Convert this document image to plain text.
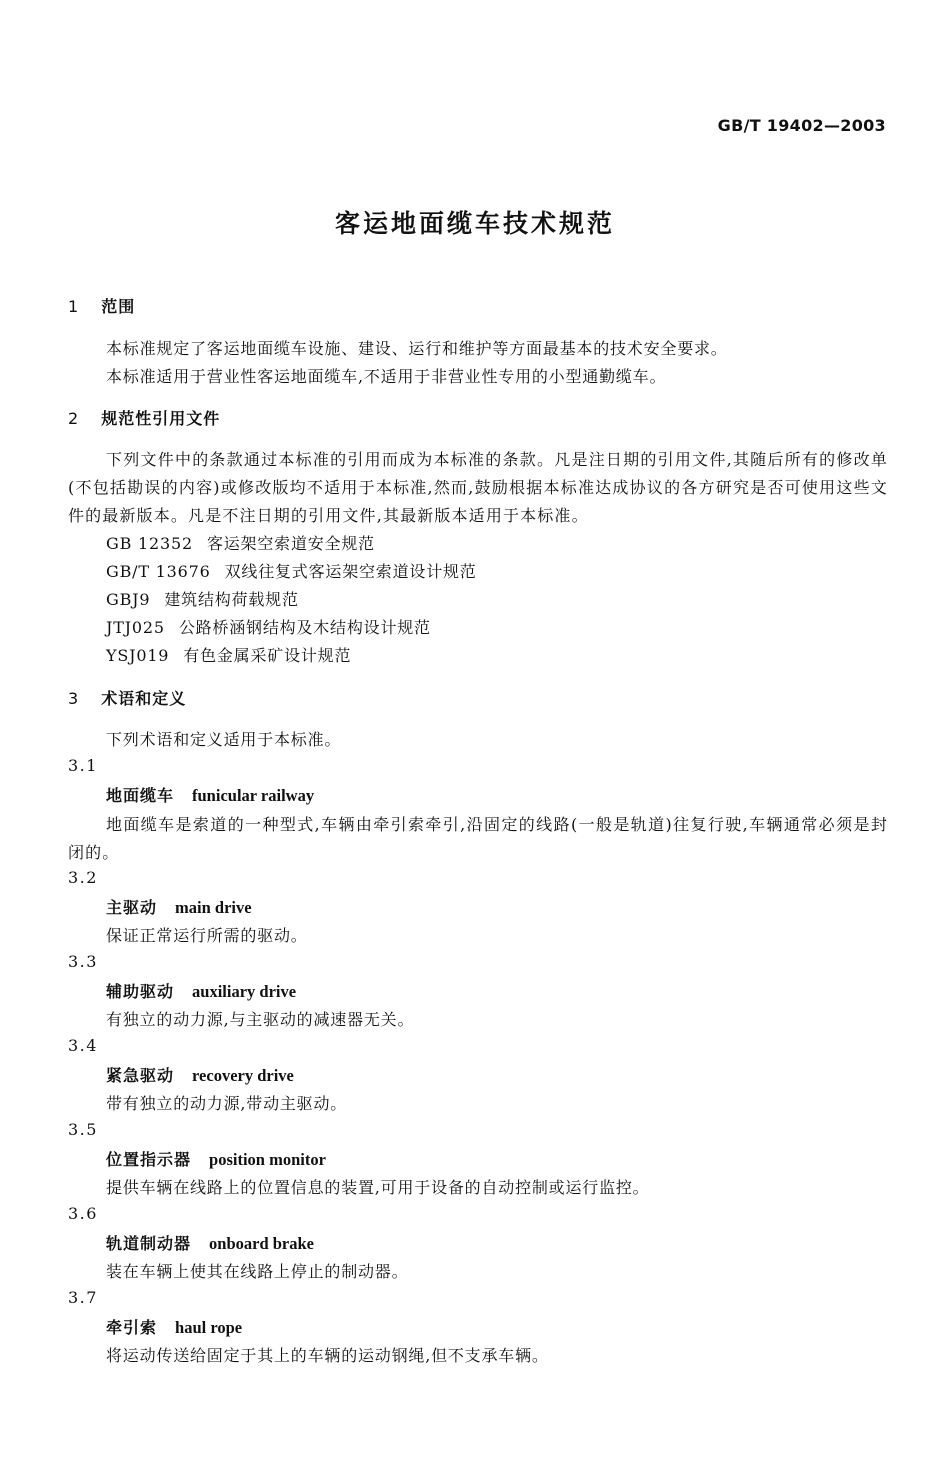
GB/T 19402—2003
客运地面缆车技术规范
1 范围
本标准规定了客运地面缆车设施、建设、运行和维护等方面最基本的技术安全要求。
本标准适用于营业性客运地面缆车,不适用于非营业性专用的小型通勤缆车。
2 规范性引用文件
下列文件中的条款通过本标准的引用而成为本标准的条款。凡是注日期的引用文件,其随后所有的修改单(不包括勘误的内容)或修改版均不适用于本标准,然而,鼓励根据本标准达成协议的各方研究是否可使用这些文件的最新版本。凡是不注日期的引用文件,其最新版本适用于本标准。
GB 12352 客运架空索道安全规范
GB/T 13676 双线往复式客运架空索道设计规范
GBJ9 建筑结构荷载规范
JTJ025 公路桥涵钢结构及木结构设计规范
YSJ019 有色金属采矿设计规范
3 术语和定义
下列术语和定义适用于本标准。
3.1
地面缆车 funicular railway
地面缆车是索道的一种型式,车辆由牵引索牵引,沿固定的线路(一般是轨道)往复行驶,车辆通常必须是封闭的。
3.2
主驱动 main drive
保证正常运行所需的驱动。
3.3
辅助驱动 auxiliary drive
有独立的动力源,与主驱动的减速器无关。
3.4
紧急驱动 recovery drive
带有独立的动力源,带动主驱动。
3.5
位置指示器 position monitor
提供车辆在线路上的位置信息的装置,可用于设备的自动控制或运行监控。
3.6
轨道制动器 onboard brake
装在车辆上使其在线路上停止的制动器。
3.7
牵引索 haul rope
将运动传送给固定于其上的车辆的运动钢绳,但不支承车辆。
